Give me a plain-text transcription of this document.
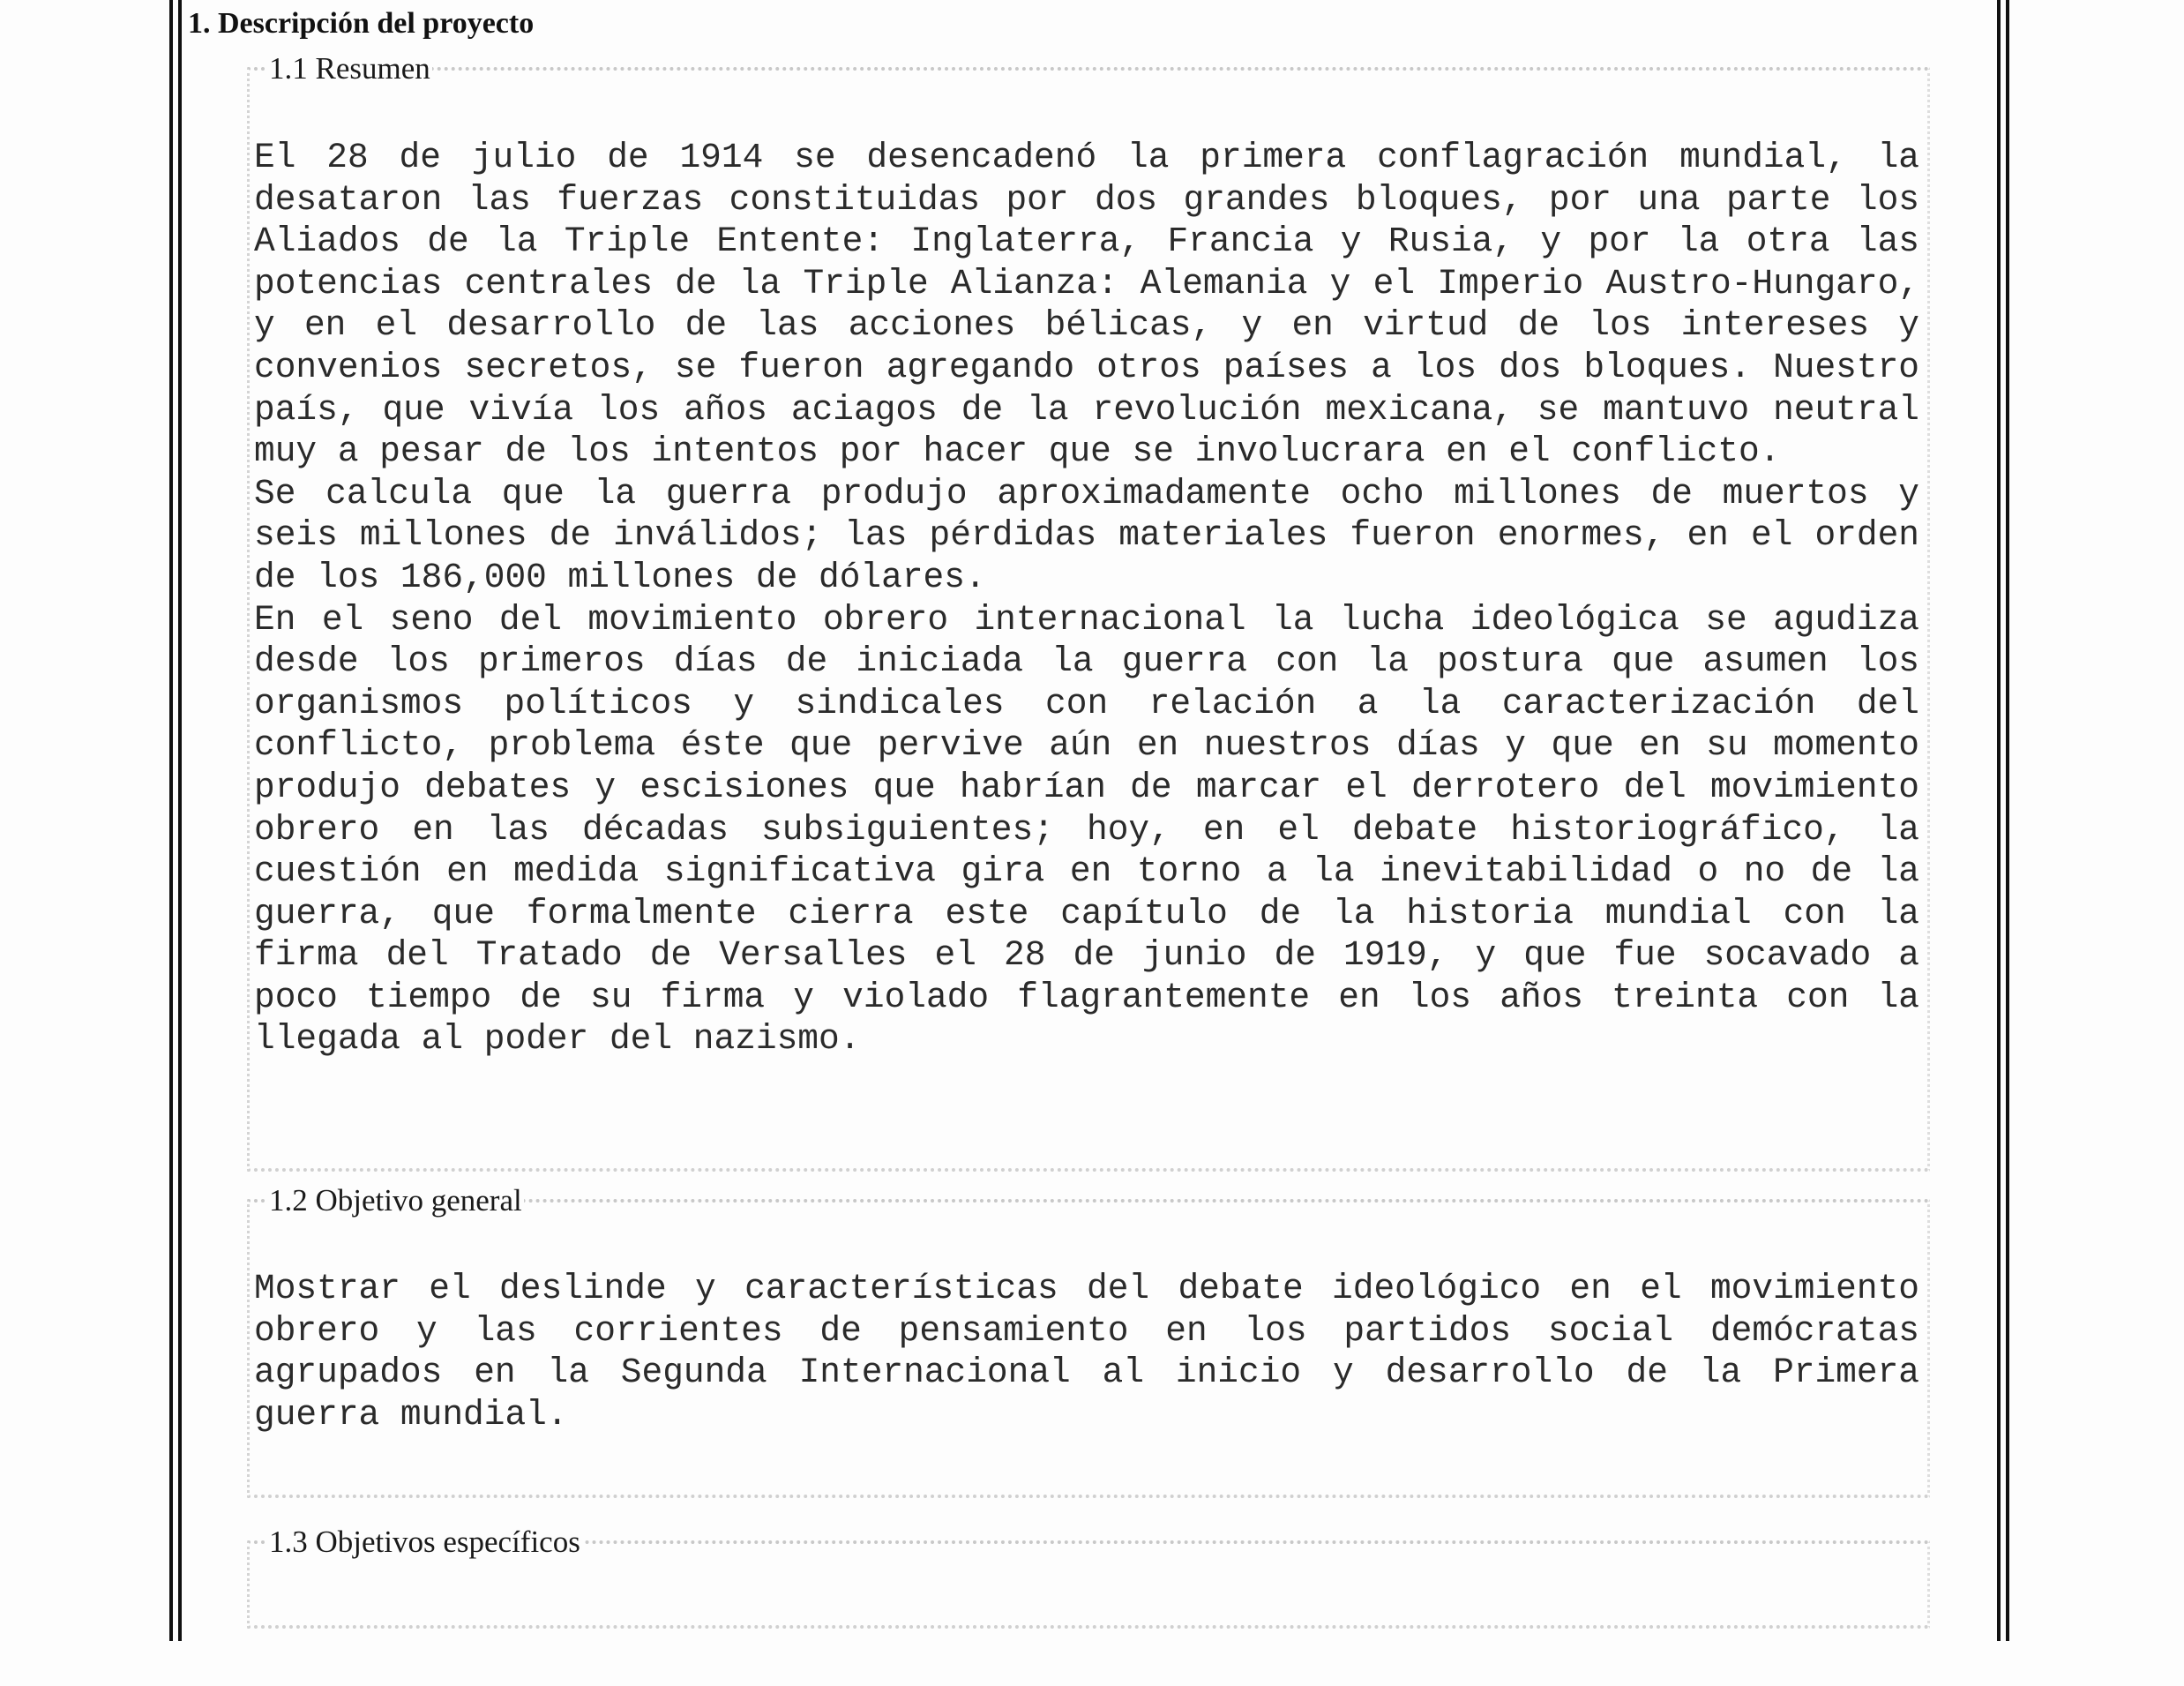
1. Descripción del proyecto
1.1 Resumen
El 28 de julio de 1914 se desencadenó la primera conflagración mundial, la desataron las fuerzas constituidas por dos grandes bloques, por una parte los Aliados de la Triple Entente: Inglaterra, Francia y Rusia, y por la otra las potencias centrales de la Triple Alianza: Alemania y el Imperio Austro-Hungaro, y en el desarrollo de las acciones bélicas, y en virtud de los intereses y convenios secretos, se fueron agregando otros países a los dos bloques. Nuestro país, que vivía los años aciagos de la revolución mexicana, se mantuvo neutral muy a pesar de los intentos por hacer que se involucrara en el conflicto.
Se calcula que la guerra produjo aproximadamente ocho millones de muertos y seis millones de inválidos; las pérdidas materiales fueron enormes, en el orden de los 186,000 millones de dólares.
En el seno del movimiento obrero internacional la lucha ideológica se agudiza desde los primeros días de iniciada la guerra con la postura que asumen los organismos políticos y sindicales con relación a la caracterización del conflicto, problema éste que pervive aún en nuestros días y que en su momento produjo debates y escisiones que habrían de marcar el derrotero del movimiento obrero en las décadas subsiguientes; hoy, en el debate historiográfico, la cuestión en medida significativa gira en torno a la inevitabilidad o no de la guerra, que formalmente cierra este capítulo de la historia mundial con la firma del Tratado de Versalles el 28 de junio de 1919, y que fue socavado a poco tiempo de su firma y violado flagrantemente en los años treinta con la llegada al poder del nazismo.
1.2 Objetivo general
Mostrar el deslinde y características del debate ideológico en el movimiento obrero y las corrientes de pensamiento en los partidos social demócratas agrupados en la Segunda Internacional al inicio y desarrollo de la Primera guerra mundial.
1.3 Objetivos específicos
